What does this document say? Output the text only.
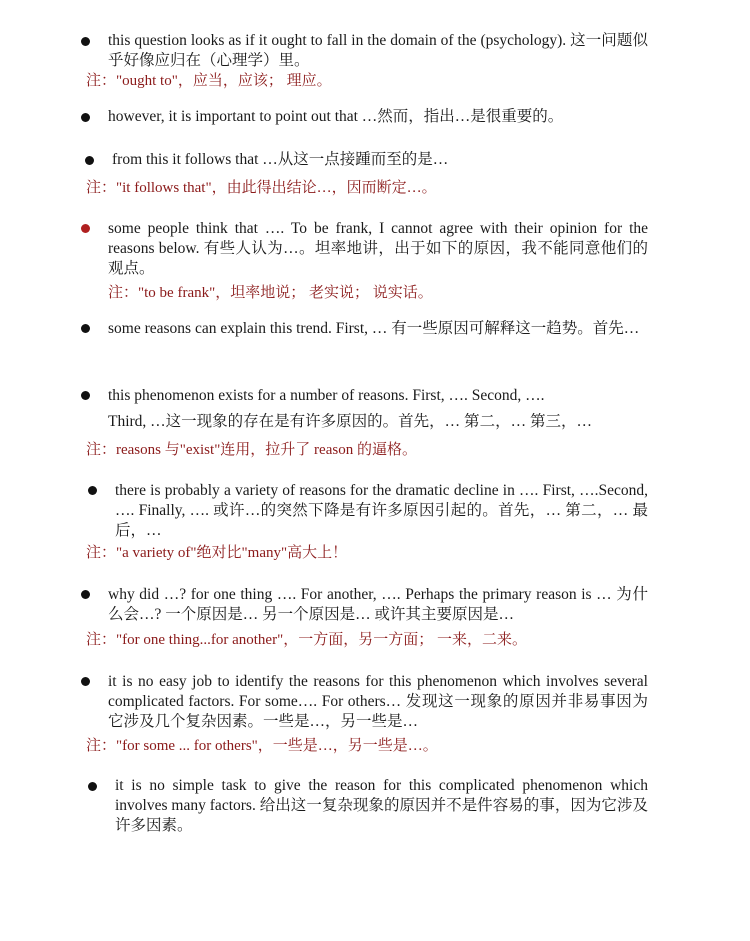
this question looks as if it ought to fall in the domain of the (psychology). 这一问题似乎好像应归在（心理学）里。
注："ought to"，应当，应该； 理应。
however, it is important to point out that …然而，指出…是很重要的。
from this it follows that …从这一点接踵而至的是…
注："it follows that"，由此得出结论…，因而断定…。
some people think that …. To be frank, I cannot agree with their opinion for the reasons below. 有些人认为…。坦率地讲，出于如下的原因，我不能同意他们的观点。
注："to be frank"，坦率地说； 老实说； 说实话。
some reasons can explain this trend. First, … 有一些原因可解释这一趋势。首先…
this phenomenon exists for a number of reasons. First, …. Second, ….
Third, …这一现象的存在是有许多原因的。首先，… 第二，… 第三，…
注：reasons 与"exist"连用，拉升了 reason 的逼格。
there is probably a variety of reasons for the dramatic decline in …. First, ….Second, …. Finally, …. 或许…的突然下降是有许多原因引起的。首先，… 第二，… 最后，…
注："a variety of"绝对比"many"高大上！
why did …? for one thing …. For another, …. Perhaps the primary reason is … 为什么会…? 一个原因是… 另一个原因是… 或许其主要原因是…
注："for one thing...for another"，一方面，另一方面； 一来，二来。
it is no easy job to identify the reasons for this phenomenon which involves several complicated factors. For some…. For others… 发现这一现象的原因并非易事因为它涉及几个复杂因素。一些是…，另一些是…
注："for some ... for others"，一些是…，另一些是…。
it is no simple task to give the reason for this complicated phenomenon which involves many factors. 给出这一复杂现象的原因并不是件容易的事，因为它涉及许多因素。
